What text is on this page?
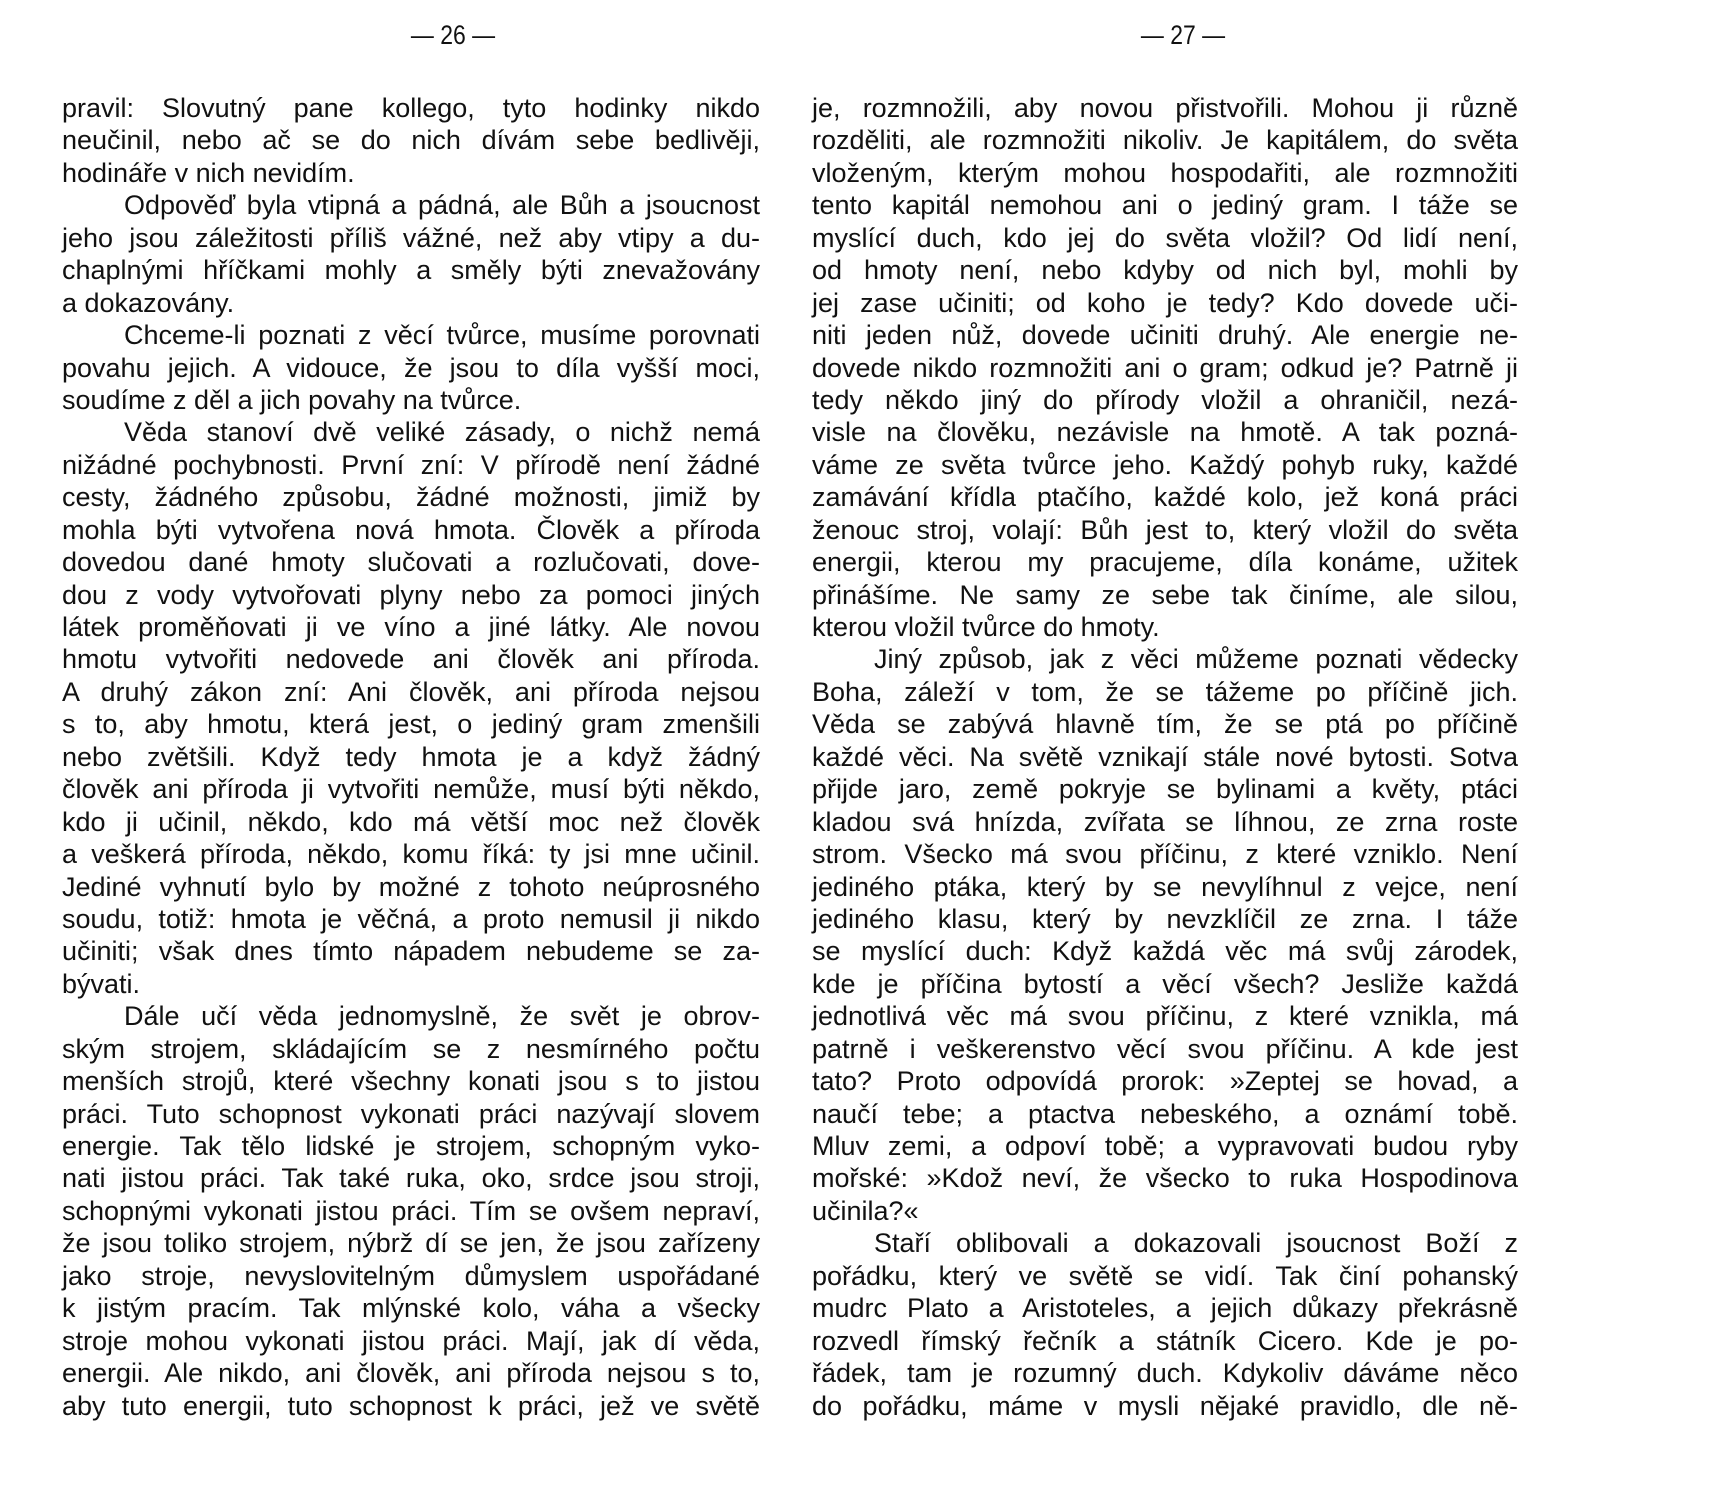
— 26 —
pravil: Slovutný pane kollego, tyto hodinky nikdo
neučinil, nebo ač se do nich dívám sebe bedlivěji,
hodináře v nich nevidím.
Odpověď byla vtipná a pádná, ale Bůh a jsoucnost
jeho jsou záležitosti příliš vážné, než aby vtipy a du-
chaplnými hříčkami mohly a směly býti znevažovány
a dokazovány.
Chceme-li poznati z věcí tvůrce, musíme porovnati
povahu jejich. A vidouce, že jsou to díla vyšší moci,
soudíme z děl a jich povahy na tvůrce.
Věda stanoví dvě veliké zásady, o nichž nemá
nižádné pochybnosti. První zní: V přírodě není žádné
cesty, žádného způsobu, žádné možnosti, jimiž by
mohla býti vytvořena nová hmota. Člověk a příroda
dovedou dané hmoty slučovati a rozlučovati, dove-
dou z vody vytvořovati plyny nebo za pomoci jiných
látek proměňovati ji ve víno a jiné látky. Ale novou
hmotu vytvořiti nedovede ani člověk ani příroda.
A druhý zákon zní: Ani člověk, ani příroda nejsou
s to, aby hmotu, která jest, o jediný gram zmenšili
nebo zvětšili. Když tedy hmota je a když žádný
člověk ani příroda ji vytvořiti nemůže, musí býti někdo,
kdo ji učinil, někdo, kdo má větší moc než člověk
a veškerá příroda, někdo, komu říká: ty jsi mne učinil.
Jediné vyhnutí bylo by možné z tohoto neúprosného
soudu, totiž: hmota je věčná, a proto nemusil ji nikdo
učiniti; však dnes tímto nápadem nebudeme se za-
bývati.
Dále učí věda jednomyslně, že svět je obrov-
ským strojem, skládajícím se z nesmírného počtu
menších strojů, které všechny konati jsou s to jistou
práci. Tuto schopnost vykonati práci nazývají slovem
energie. Tak tělo lidské je strojem, schopným vyko-
nati jistou práci. Tak také ruka, oko, srdce jsou stroji,
schopnými vykonati jistou práci. Tím se ovšem nepraví,
že jsou toliko strojem, nýbrž dí se jen, že jsou zařízeny
jako stroje, nevyslovitelným důmyslem uspořádané
k jistým pracím. Tak mlýnské kolo, váha a všecky
stroje mohou vykonati jistou práci. Mají, jak dí věda,
energii. Ale nikdo, ani člověk, ani příroda nejsou s to,
aby tuto energii, tuto schopnost k práci, jež ve světě
— 27 —
je, rozmnožili, aby novou přistvořili. Mohou ji různě
rozděliti, ale rozmnožiti nikoliv. Je kapitálem, do světa
vloženým, kterým mohou hospodařiti, ale rozmnožiti
tento kapitál nemohou ani o jediný gram. I táže se
myslící duch, kdo jej do světa vložil? Od lidí není,
od hmoty není, nebo kdyby od nich byl, mohli by
jej zase učiniti; od koho je tedy? Kdo dovede uči-
niti jeden nůž, dovede učiniti druhý. Ale energie ne-
dovede nikdo rozmnožiti ani o gram; odkud je? Patrně ji
tedy někdo jiný do přírody vložil a ohraničil, nezá-
visle na člověku, nezávisle na hmotě. A tak pozná-
váme ze světa tvůrce jeho. Každý pohyb ruky, každé
zamávání křídla ptačího, každé kolo, jež koná práci
ženouc stroj, volají: Bůh jest to, který vložil do světa
energii, kterou my pracujeme, díla konáme, užitek
přinášíme. Ne samy ze sebe tak činíme, ale silou,
kterou vložil tvůrce do hmoty.
Jiný způsob, jak z věci můžeme poznati vědecky
Boha, záleží v tom, že se tážeme po příčině jich.
Věda se zabývá hlavně tím, že se ptá po příčině
každé věci. Na světě vznikají stále nové bytosti. Sotva
přijde jaro, země pokryje se bylinami a květy, ptáci
kladou svá hnízda, zvířata se líhnou, ze zrna roste
strom. Všecko má svou příčinu, z které vzniklo. Není
jediného ptáka, který by se nevylíhnul z vejce, není
jediného klasu, který by nevzklíčil ze zrna. I táže
se myslící duch: Když každá věc má svůj zárodek,
kde je příčina bytostí a věcí všech? Jesliže každá
jednotlivá věc má svou příčinu, z které vznikla, má
patrně i veškerenstvo věcí svou příčinu. A kde jest
tato? Proto odpovídá prorok: »Zeptej se hovad, a
naučí tebe; a ptactva nebeského, a oznámí tobě.
Mluv zemi, a odpoví tobě; a vypravovati budou ryby
mořské: »Kdož neví, že všecko to ruka Hospodinova
učinila?«
Staří oblibovali a dokazovali jsoucnost Boží z
pořádku, který ve světě se vidí. Tak činí pohanský
mudrc Plato a Aristoteles, a jejich důkazy překrásně
rozvedl římský řečník a státník Cicero. Kde je po-
řádek, tam je rozumný duch. Kdykoliv dáváme něco
do pořádku, máme v mysli nějaké pravidlo, dle ně-
